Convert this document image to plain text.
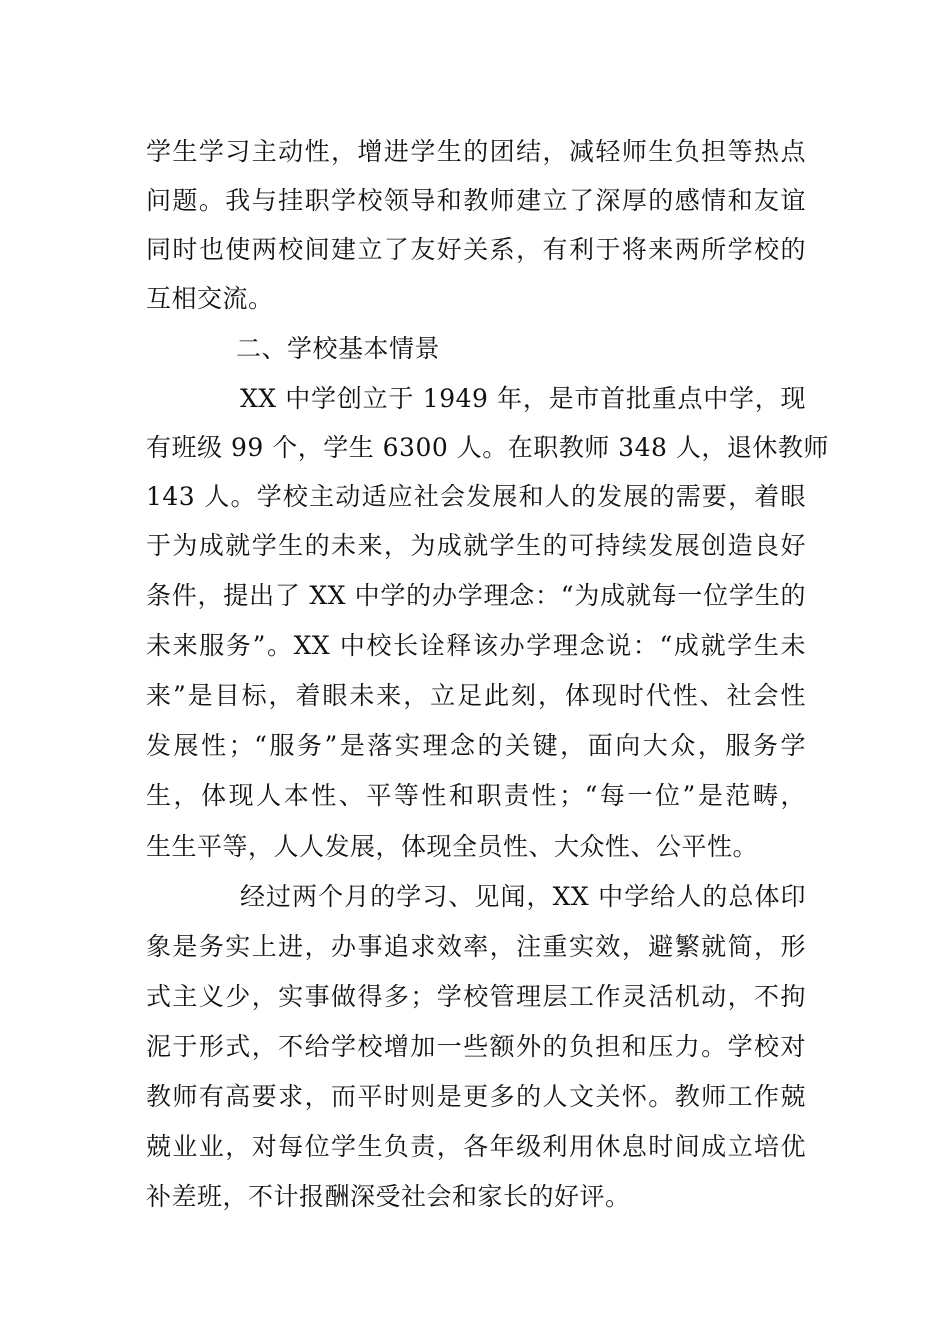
学生学习主动性，增进学生的团结，减轻师生负担等热点
问题。我与挂职学校领导和教师建立了深厚的感情和友谊
同时也使两校间建立了友好关系，有利于将来两所学校的
互相交流。
二、学校基本情景
XX 中学创立于 1949 年，是市首批重点中学，现
有班级 99 个，学生 6300 人。在职教师 348 人，退休教师
143 人。学校主动适应社会发展和人的发展的需要，着眼
于为成就学生的未来，为成就学生的可持续发展创造良好
条件，提出了 XX 中学的办学理念：“为成就每一位学生的
未来服务”。XX 中校长诠释该办学理念说：“成就学生未
来”是目标，着眼未来，立足此刻，体现时代性、社会性
发展性；“服务”是落实理念的关键，面向大众，服务学
生，体现人本性、平等性和职责性；“每一位”是范畴，
生生平等，人人发展，体现全员性、大众性、公平性。
经过两个月的学习、见闻，XX 中学给人的总体印
象是务实上进，办事追求效率，注重实效，避繁就简，形
式主义少，实事做得多；学校管理层工作灵活机动，不拘
泥于形式，不给学校增加一些额外的负担和压力。学校对
教师有高要求，而平时则是更多的人文关怀。教师工作兢
兢业业，对每位学生负责，各年级利用休息时间成立培优
补差班，不计报酬深受社会和家长的好评。
